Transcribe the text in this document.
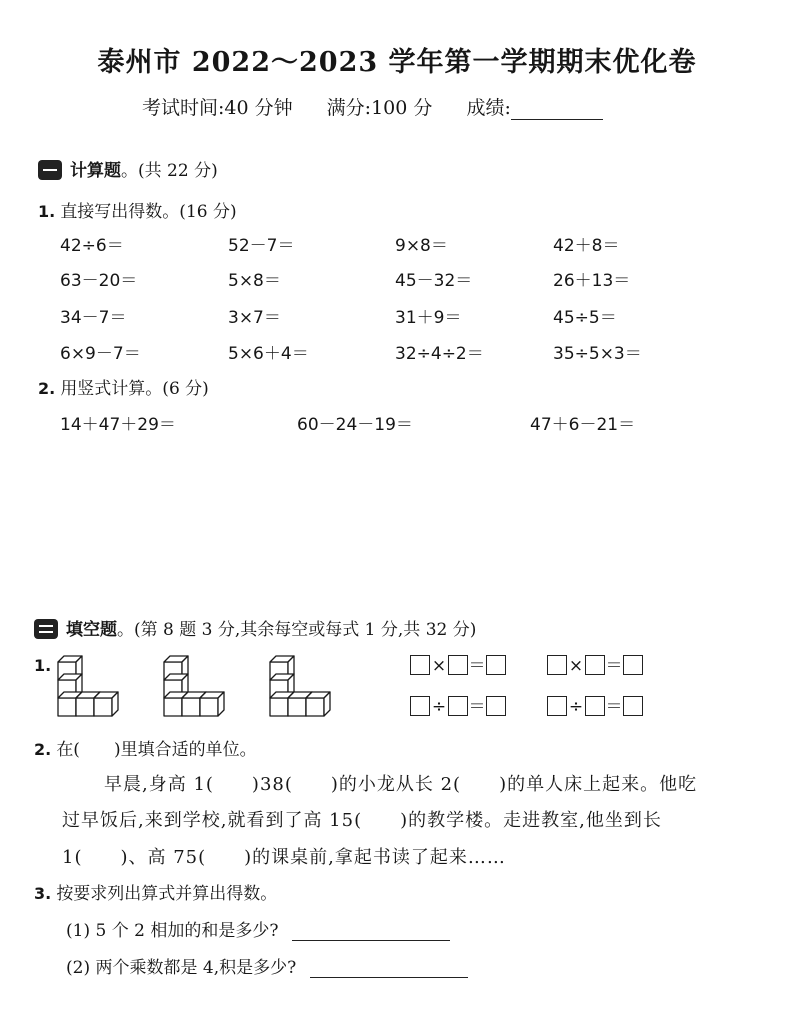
泰州市 2022～2023 学年第一学期期末优化卷
考试时间:40 分钟 满分:100 分 成绩:
计算题。(共 22 分)
1. 直接写出得数。(16 分)
42÷6＝	52－7＝	9×8＝	42＋8＝
63－20＝	5×8＝	45－32＝	26＋13＝
34－7＝	3×7＝	31＋9＝	45÷5＝
6×9－7＝	5×6＋4＝	32÷4÷2＝	35÷5×3＝
2. 用竖式计算。(6 分)
14＋47＋29＝	60－24－19＝	47＋6－21＝
填空题。(第 8 题 3 分,其余每空或每式 1 分,共 32 分)
1.	× ＝	× ＝
÷ ＝	÷ ＝
2. 在(　　)里填合适的单位。
早晨,身高 1(　　)38(　　)的小龙从长 2(　　)的单人床上起来。他吃
过早饭后,来到学校,就看到了高 15(　　)的教学楼。走进教室,他坐到长
1(　　)、高 75(　　)的课桌前,拿起书读了起来……
3. 按要求列出算式并算出得数。
(1) 5 个 2 相加的和是多少?
(2) 两个乘数都是 4,积是多少?
